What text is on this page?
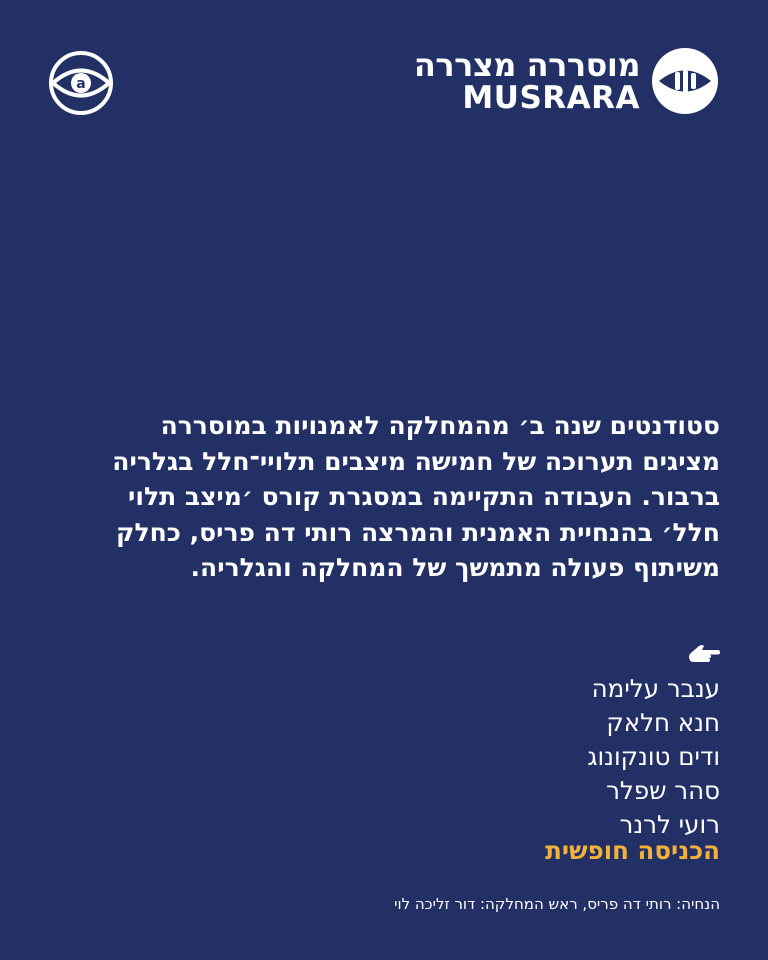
a
מוסררה מצררה
MUSRARA

סטודנטים שנה ב׳ מהמחלקה לאמנויות במוסררה מציגים תערוכה של חמישה מיצבים תלויי־חלל בגלריה ברבור. העבודה התקיימה במסגרת קורס ׳מיצב תלוי חלל׳ בהנחיית האמנית והמרצה רותי דה פריס, כחלק משיתוף פעולה מתמשך של המחלקה והגלריה.

ענבר עלימה
חנא חלאק
ודים טונקונוג
סהר שפלר
רועי לרנר
הכניסה חופשית
הנחיה: רותי דה פריס, ראש המחלקה: דור זליכה לוי
